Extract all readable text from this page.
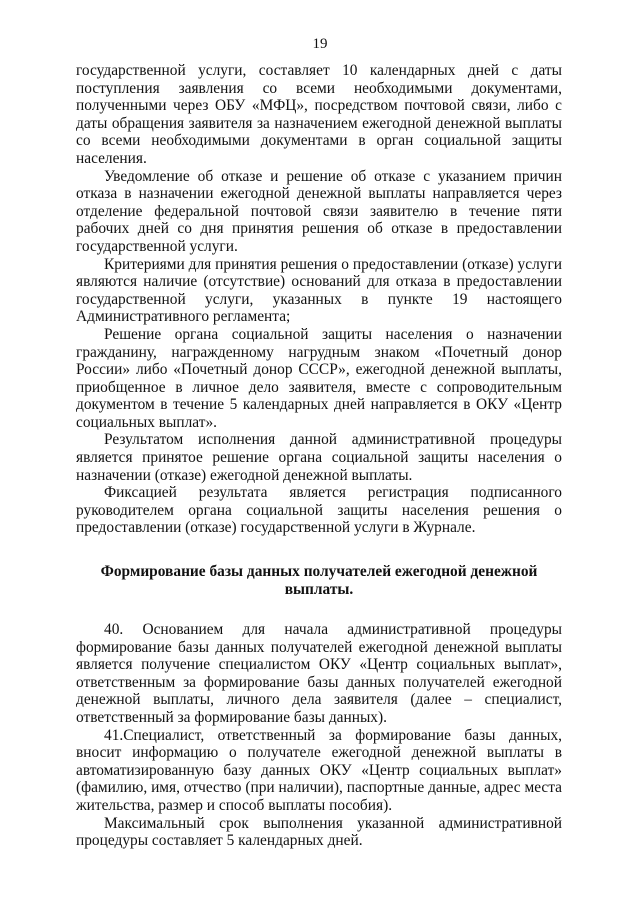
19

государственной услуги, составляет 10 календарных дней с даты поступления заявления со всеми необходимыми документами, полученными через ОБУ «МФЦ», посредством почтовой связи, либо с даты обращения заявителя за назначением ежегодной денежной выплаты со всеми необходимыми документами в орган социальной защиты населения.

Уведомление об отказе и решение об отказе с указанием причин отказа в назначении ежегодной денежной выплаты направляется через отделение федеральной почтовой связи заявителю в течение пяти рабочих дней со дня принятия решения об отказе в предоставлении государственной услуги.

Критериями для принятия решения о предоставлении (отказе) услуги являются наличие (отсутствие) оснований для отказа в предоставлении государственной услуги, указанных в пункте 19 настоящего Административного регламента;

Решение органа социальной защиты населения о назначении гражданину, награжденному нагрудным знаком «Почетный донор России» либо «Почетный донор СССР», ежегодной денежной выплаты, приобщенное в личное дело заявителя, вместе с сопроводительным документом в течение 5 календарных дней направляется в ОКУ «Центр социальных выплат».

Результатом исполнения данной административной процедуры является принятое решение органа социальной защиты населения о назначении (отказе) ежегодной денежной выплаты.

Фиксацией результата является регистрация подписанного руководителем органа социальной защиты населения решения о предоставлении (отказе) государственной услуги в Журнале.

Формирование базы данных получателей ежегодной денежной выплаты.

40. Основанием для начала административной процедуры формирование базы данных получателей ежегодной денежной выплаты является получение специалистом ОКУ «Центр социальных выплат», ответственным за формирование базы данных получателей ежегодной денежной выплаты, личного дела заявителя (далее – специалист, ответственный за формирование базы данных).

41.Специалист, ответственный за формирование базы данных, вносит информацию о получателе ежегодной денежной выплаты в автоматизированную базу данных ОКУ «Центр социальных выплат» (фамилию, имя, отчество (при наличии), паспортные данные, адрес места жительства, размер и способ выплаты пособия).

Максимальный срок выполнения указанной административной процедуры составляет 5 календарных дней.
